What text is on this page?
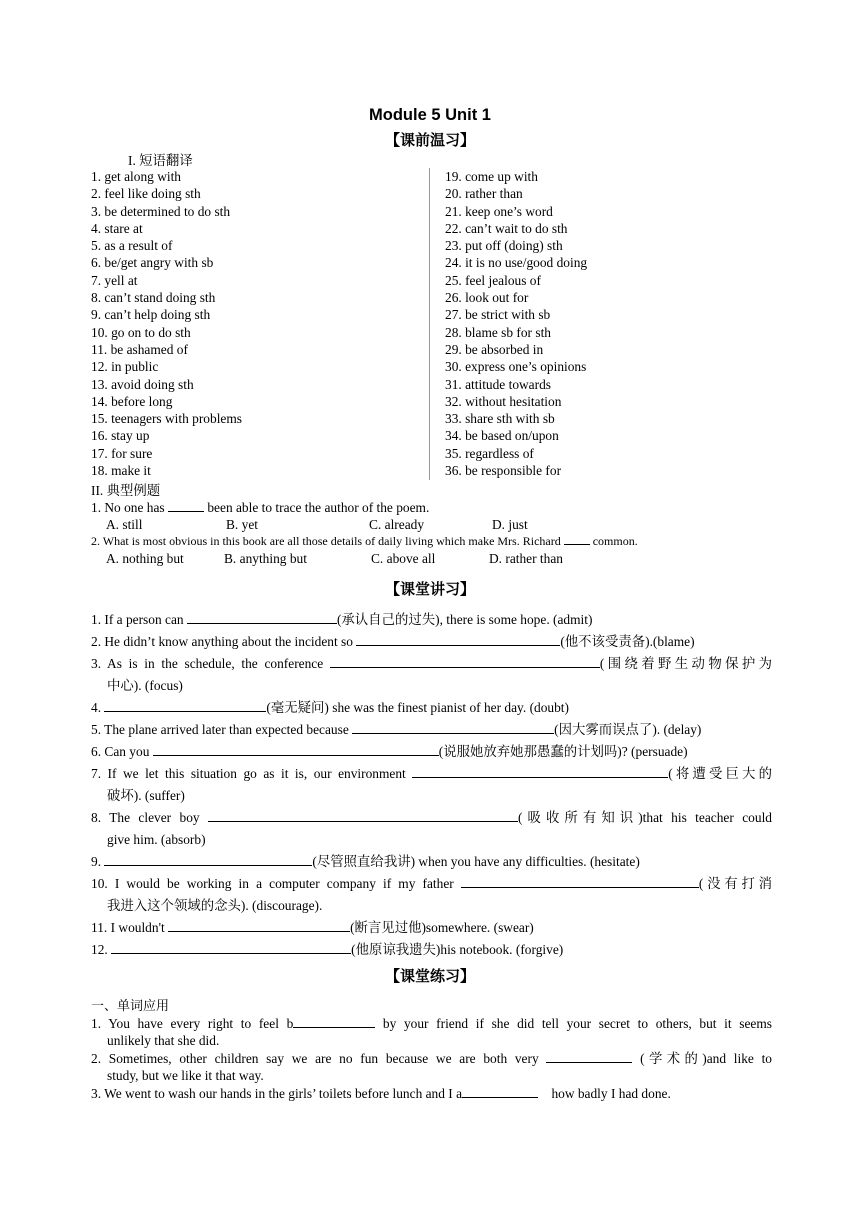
Module 5 Unit 1
【课前温习】
I. 短语翻译
1. get along with
2. feel like doing sth
3. be determined to do sth
4. stare at
5. as a result of
6. be/get angry with sb
7. yell at
8. can’t stand doing sth
9. can’t help doing sth
10. go on to do sth
11. be ashamed of
12. in public
13. avoid doing sth
14. before long
15. teenagers with problems
16. stay up
17. for sure
18. make it
19. come up with
20. rather than
21. keep one’s word
22. can’t wait to do sth
23. put off (doing) sth
24. it is no use/good doing
25. feel jealous of
26. look out for
27. be strict with sb
28. blame sb for sth
29. be absorbed in
30. express one’s opinions
31. attitude towards
32. without hesitation
33. share sth with sb
34. be based on/upon
35. regardless of
36. be responsible for
II. 典型例题
1. No one has	been able to trace the author of the poem.
A. still	B. yet	C. already	D. just
2. What is most obvious in this book are all those details of daily living which make Mrs. Richard	common.
A. nothing but	B. anything but	C. above all	D. rather than
【课堂讲习】
1. If a person can	(承认自己的过失), there is some hope. (admit)
2. He didn’t know anything about the incident so	(他不该受责备).(blame)
3. As is in the schedule, the conference	(围绕着野生动物保护为
中心). (focus)
4.	(毫无疑问) she was the finest pianist of her day. (doubt)
5. The plane arrived later than expected because	(因大雾而误点了). (delay)
6. Can you	(说服她放弃她那愚蠢的计划吗)? (persuade)
7. If we let this situation go as it is, our environment	(将遭受巨大的
破坏). (suffer)
8. The clever boy	(吸收所有知识)that his teacher could
give him. (absorb)
9.	(尽管照直给我讲) when you have any difficulties. (hesitate)
10. I would be working in a computer company if my father	(没有打消
我进入这个领域的念头). (discourage).
11. I wouldn't	(断言见过他)somewhere. (swear)
12.	(他原谅我遗失)his notebook. (forgive)
【课堂练习】
一、单词应用
1. You have every right to feel b	by your friend if she did tell your secret to others, but it seems
unlikely that she did.
2. Sometimes, other children say we are no fun because we are both very	(学术的)and like to
study, but we like it that way.
3. We went to wash our hands in the girls’ toilets before lunch and I a	how badly I had done.
